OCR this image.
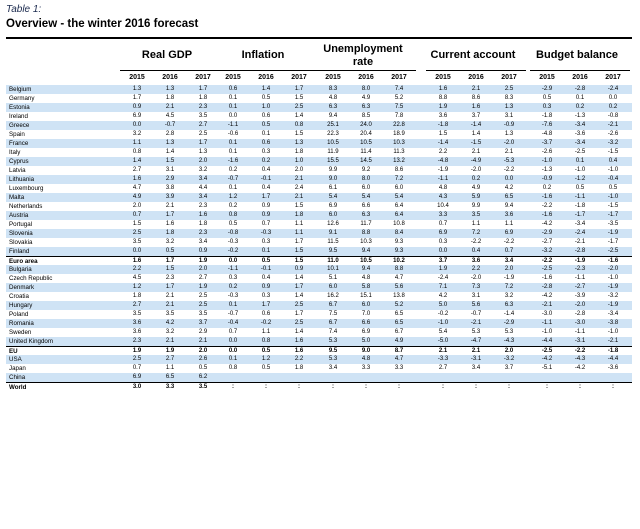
Table 1:
Overview - the winter 2016 forecast
Real GDP
2015	2016	2017
Inflation
2015	2016	2017
Unemployment rate
2015	2016	2017
Current account
2015	2016	2017
Budget balance
2015	2016	2017
Belgium	1.3	1.3	1.7	0.6	1.4	1.7	8.3	8.0	7.4	1.6	2.1	2.5	-2.9	-2.8	-2.4
Germany	1.7	1.8	1.8	0.1	0.5	1.5	4.8	4.9	5.2	8.8	8.6	8.3	0.5	0.1	0.0
Estonia	0.9	2.1	2.3	0.1	1.0	2.5	6.3	6.3	7.5	1.9	1.6	1.3	0.3	0.2	0.2
Ireland	6.9	4.5	3.5	0.0	0.6	1.4	9.4	8.5	7.8	3.6	3.7	3.1	-1.8	-1.3	-0.8
Greece	0.0	-0.7	2.7	-1.1	0.5	0.8	25.1	24.0	22.8	-1.8	-1.4	-0.9	-7.6	-3.4	-2.1
Spain	3.2	2.8	2.5	-0.6	0.1	1.5	22.3	20.4	18.9	1.5	1.4	1.3	-4.8	-3.6	-2.6
France	1.1	1.3	1.7	0.1	0.6	1.3	10.5	10.5	10.3	-1.4	-1.5	-2.0	-3.7	-3.4	-3.2
Italy	0.8	1.4	1.3	0.1	0.3	1.8	11.9	11.4	11.3	2.2	2.1	2.1	-2.6	-2.5	-1.5
Cyprus	1.4	1.5	2.0	-1.6	0.2	1.0	15.5	14.5	13.2	-4.8	-4.9	-5.3	-1.0	0.1	0.4
Latvia	2.7	3.1	3.2	0.2	0.4	2.0	9.9	9.2	8.6	-1.9	-2.0	-2.2	-1.3	-1.0	-1.0
Lithuania	1.6	2.9	3.4	-0.7	-0.1	2.1	9.0	8.0	7.2	-1.1	0.2	0.0	-0.9	-1.2	-0.4
Luxembourg	4.7	3.8	4.4	0.1	0.4	2.4	6.1	6.0	6.0	4.8	4.9	4.2	0.2	0.5	0.5
Malta	4.9	3.9	3.4	1.2	1.7	2.1	5.4	5.4	5.4	4.3	5.9	6.5	-1.6	-1.1	-1.0
Netherlands	2.0	2.1	2.3	0.2	0.9	1.5	6.9	6.6	6.4	10.4	9.9	9.4	-2.2	-1.8	-1.5
Austria	0.7	1.7	1.6	0.8	0.9	1.8	6.0	6.3	6.4	3.3	3.5	3.6	-1.6	-1.7	-1.7
Portugal	1.5	1.6	1.8	0.5	0.7	1.1	12.6	11.7	10.8	0.7	1.1	1.1	-4.2	-3.4	-3.5
Slovenia	2.5	1.8	2.3	-0.8	-0.3	1.1	9.1	8.8	8.4	6.9	7.2	6.9	-2.9	-2.4	-1.9
Slovakia	3.5	3.2	3.4	-0.3	0.3	1.7	11.5	10.3	9.3	0.3	-2.2	-2.2	-2.7	-2.1	-1.7
Finland	0.0	0.5	0.9	-0.2	0.1	1.5	9.5	9.4	9.3	0.0	0.4	0.7	-3.2	-2.8	-2.5
Euro area	1.6	1.7	1.9	0.0	0.5	1.5	11.0	10.5	10.2	3.7	3.6	3.4	-2.2	-1.9	-1.6
Bulgaria	2.2	1.5	2.0	-1.1	-0.1	0.9	10.1	9.4	8.8	1.9	2.2	2.0	-2.5	-2.3	-2.0
Czech Republic	4.5	2.3	2.7	0.3	0.4	1.4	5.1	4.8	4.7	-2.4	-2.0	-1.9	-1.6	-1.1	-1.0
Denmark	1.2	1.7	1.9	0.2	0.9	1.7	6.0	5.8	5.6	7.1	7.3	7.2	-2.8	-2.7	-1.9
Croatia	1.8	2.1	2.5	-0.3	0.3	1.4	16.2	15.1	13.8	4.2	3.1	3.2	-4.2	-3.9	-3.2
Hungary	2.7	2.1	2.5	0.1	1.7	2.5	6.7	6.0	5.2	5.0	5.6	6.3	-2.1	-2.0	-1.9
Poland	3.5	3.5	3.5	-0.7	0.6	1.7	7.5	7.0	6.5	-0.2	-0.7	-1.4	-3.0	-2.8	-3.4
Romania	3.6	4.2	3.7	-0.4	-0.2	2.5	6.7	6.6	6.5	-1.0	-2.1	-2.9	-1.1	-3.0	-3.8
Sweden	3.6	3.2	2.9	0.7	1.1	1.4	7.4	6.9	6.7	5.4	5.3	5.3	-1.0	-1.1	-1.0
United Kingdom	2.3	2.1	2.1	0.0	0.8	1.6	5.3	5.0	4.9	-5.0	-4.7	-4.3	-4.4	-3.1	-2.1
EU	1.9	1.9	2.0	0.0	0.5	1.6	9.5	9.0	8.7	2.1	2.1	2.0	-2.5	-2.2	-1.8
USA	2.5	2.7	2.6	0.1	1.2	2.2	5.3	4.8	4.7	-3.3	-3.1	-3.2	-4.2	-4.3	-4.4
Japan	0.7	1.1	0.5	0.8	0.5	1.8	3.4	3.3	3.3	2.7	3.4	3.7	-5.1	-4.2	-3.6
China	6.9	6.5	6.2
World	3.0	3.3	3.5	:	:	:	:	:	:	:	:	:	:	:	:
